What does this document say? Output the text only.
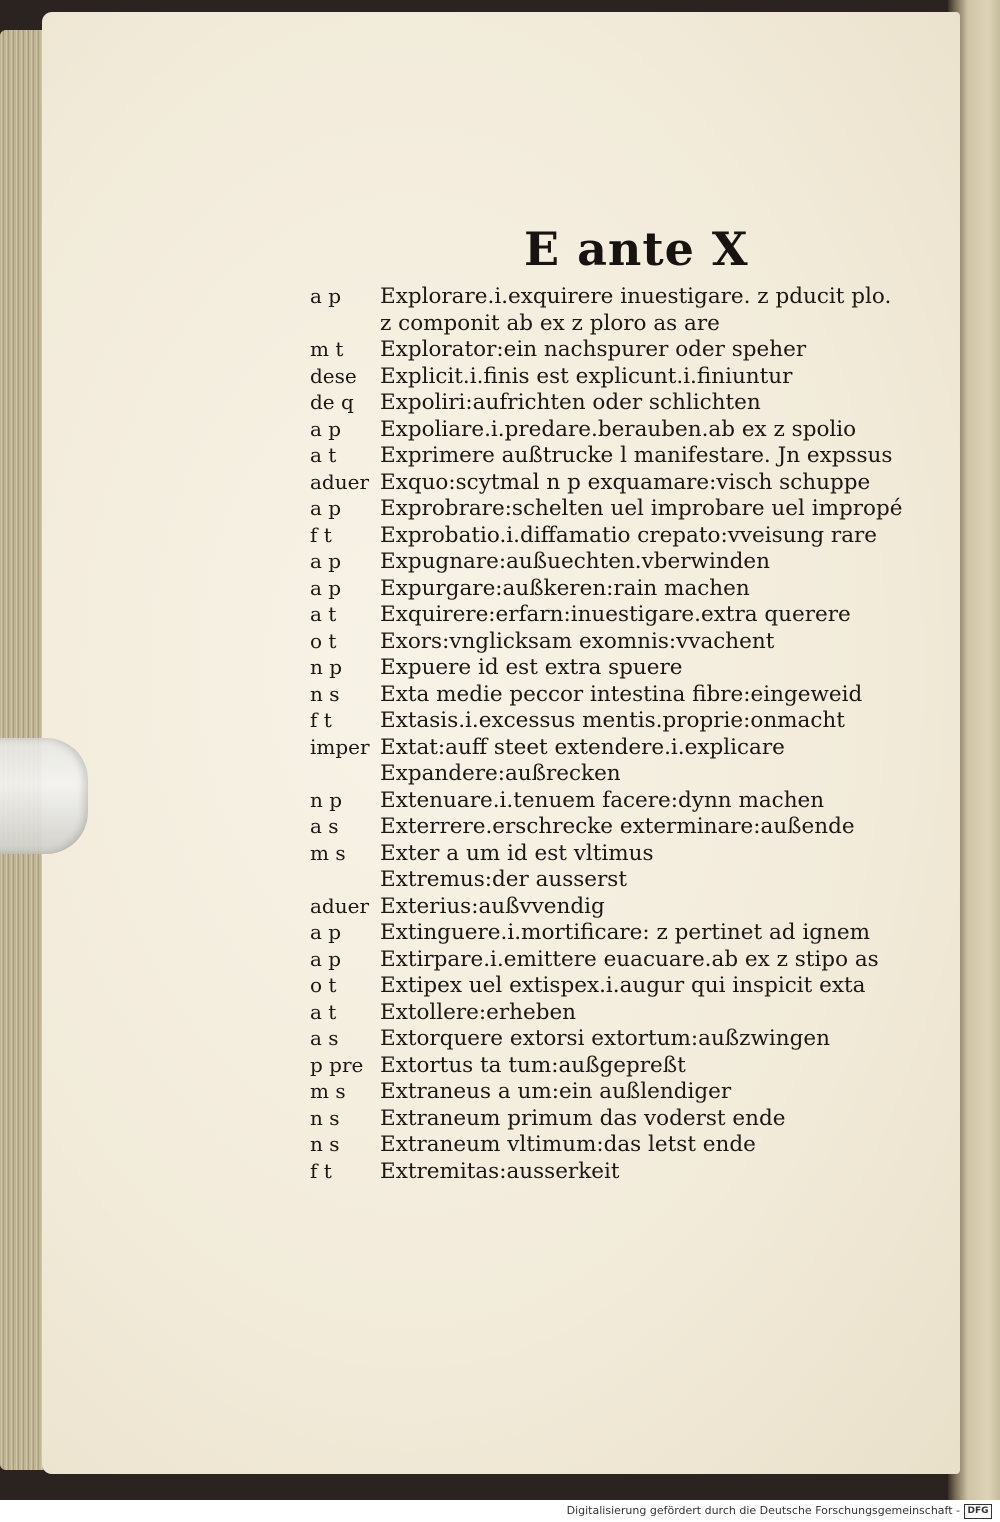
E ante X
a p Explorare.i.exquirere inuestigare. z pducit plo.
z componit ab ex z ploro as are
m t Explorator:ein nachspurer oder speher
dese Explicit.i.finis est explicunt.i.finiuntur
de q Expoliri:aufrichten oder schlichten
a p Expoliare.i.predare.berauben.ab ex z spolio
a t Exprimere außtrucke l manifestare. Jn expssus
aduer Exquo:scytmal n p exquamare:visch schuppe
a p Exprobrare:schelten uel improbare uel impropé
f t Exprobatio.i.diffamatio crepato:vveisung rare
a p Expugnare:außuechten.vberwinden
a p Expurgare:außkeren:rain machen
a t Exquirere:erfarn:inuestigare.extra querere
o t Exors:vnglicksam exomnis:vvachent
n p Expuere id est extra spuere
n s Exta medie peccor intestina fibre:eingeweid
f t Extasis.i.excessus mentis.proprie:onmacht
imper Extat:auff steet extendere.i.explicare
Expandere:außrecken
n p Extenuare.i.tenuem facere:dynn machen
a s Exterrere.erschrecke exterminare:außende
m s Exter a um id est vltimus
Extremus:der ausserst
aduer Exterius:außvvendig
a p Extinguere.i.mortificare: z pertinet ad ignem
a p Extirpare.i.emittere euacuare.ab ex z stipo as
o t Extipex uel extispex.i.augur qui inspicit exta
a t Extollere:erheben
a s Extorquere extorsi extortum:außzwingen
p pre Extortus ta tum:außgepreßt
m s Extraneus a um:ein außlendiger
n s Extraneum primum das voderst ende
n s Extraneum vltimum:das letst ende
f t Extremitas:ausserkeit
Digitalisierung gefördert durch die Deutsche Forschungsgemeinschaft - DFG
